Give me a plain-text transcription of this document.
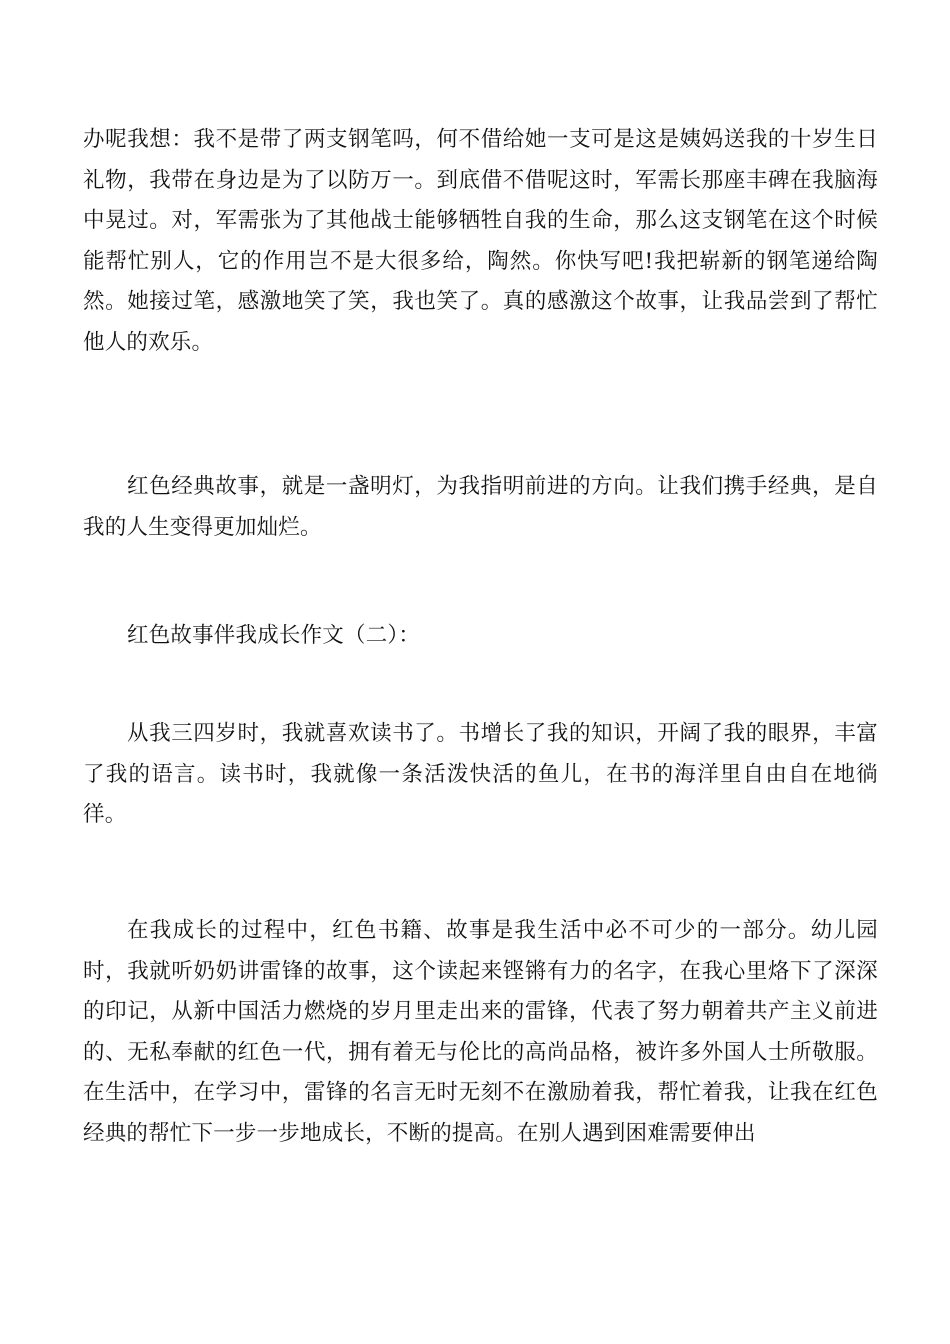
办呢我想：我不是带了两支钢笔吗，何不借给她一支可是这是姨妈送我的十岁生日礼物，我带在身边是为了以防万一。到底借不借呢这时，军需长那座丰碑在我脑海中晃过。对，军需张为了其他战士能够牺牲自我的生命，那么这支钢笔在这个时候能帮忙别人，它的作用岂不是大很多给，陶然。你快写吧!我把崭新的钢笔递给陶然。她接过笔，感激地笑了笑，我也笑了。真的感激这个故事，让我品尝到了帮忙他人的欢乐。

红色经典故事，就是一盏明灯，为我指明前进的方向。让我们携手经典，是自我的人生变得更加灿烂。

红色故事伴我成长作文（二）：

从我三四岁时，我就喜欢读书了。书增长了我的知识，开阔了我的眼界，丰富了我的语言。读书时，我就像一条活泼快活的鱼儿，在书的海洋里自由自在地徜徉。

在我成长的过程中，红色书籍、故事是我生活中必不可少的一部分。幼儿园时，我就听奶奶讲雷锋的故事，这个读起来铿锵有力的名字，在我心里烙下了深深的印记，从新中国活力燃烧的岁月里走出来的雷锋，代表了努力朝着共产主义前进的、无私奉献的红色一代，拥有着无与伦比的高尚品格，被许多外国人士所敬服。在生活中，在学习中，雷锋的名言无时无刻不在激励着我，帮忙着我，让我在红色经典的帮忙下一步一步地成长，不断的提高。在别人遇到困难需要伸出
